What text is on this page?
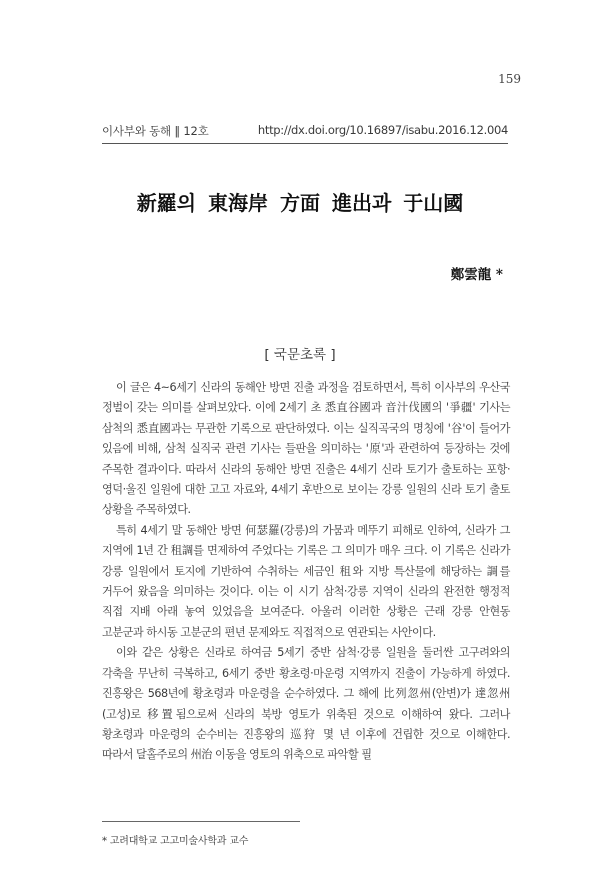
159
이사부와 동해 ‖ 12호	http://dx.doi.org/10.16897/isabu.2016.12.004
新羅의 東海岸 方面 進出과 于山國
鄭雲龍 *
[ 국문초록 ]

이 글은 4~6세기 신라의 동해안 방면 진출 과정을 검토하면서, 특히 이사부의 우산국 정벌이 갖는 의미를 살펴보았다. 이에 2세기 초 悉直谷國과 音汁伐國의 '爭疆' 기사는 삼척의 悉直國과는 무관한 기록으로 판단하였다. 이는 실직곡국의 명칭에 '谷'이 들어가 있음에 비해, 삼척 실직국 관련 기사는 들판을 의미하는 '原'과 관련하여 등장하는 것에 주목한 결과이다. 따라서 신라의 동해안 방면 진출은 4세기 신라 토기가 출토하는 포항·영덕·울진 일원에 대한 고고 자료와, 4세기 후반으로 보이는 강릉 일원의 신라 토기 출토 상황을 주목하였다.

특히 4세기 말 동해안 방면 何瑟羅(강릉)의 가뭄과 메뚜기 피해로 인하여, 신라가 그 지역에 1년 간 租調를 면제하여 주었다는 기록은 그 의미가 매우 크다. 이 기록은 신라가 강릉 일원에서 토지에 기반하여 수취하는 세금인 租와 지방 특산물에 해당하는 調를 거두어 왔음을 의미하는 것이다. 이는 이 시기 삼척·강릉 지역이 신라의 완전한 행정적 직접 지배 아래 놓여 있었음을 보여준다. 아울러 이러한 상황은 근래 강릉 안현동 고분군과 하시동 고분군의 편년 문제와도 직접적으로 연관되는 사안이다.

이와 같은 상황은 신라로 하여금 5세기 중반 삼척·강릉 일원을 둘러싼 고구려와의 각축을 무난히 극복하고, 6세기 중반 황초령·마운령 지역까지 진출이 가능하게 하였다. 진흥왕은 568년에 황초령과 마운령을 순수하였다. 그 해에 比列忽州(안변)가 達忽州(고성)로 移置됨으로써 신라의 북방 영토가 위축된 것으로 이해하여 왔다. 그러나 황초령과 마운령의 순수비는 진흥왕의 巡狩 몇 년 이후에 건립한 것으로 이해한다. 따라서 달홀주로의 州治 이동을 영토의 위축으로 파악할 필

* 고려대학교 고고미술사학과 교수
